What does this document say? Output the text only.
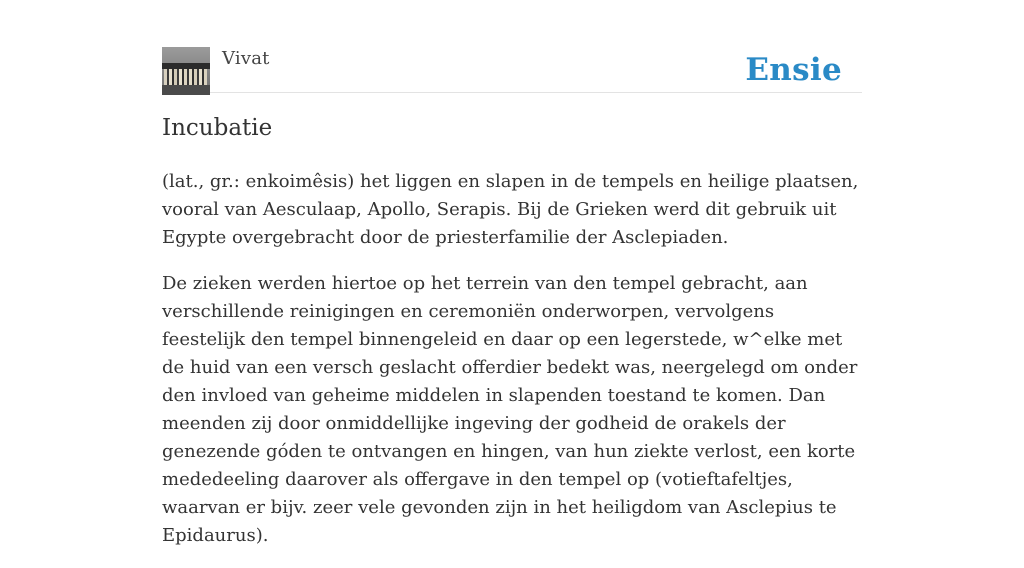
Vivat	Ensie
Incubatie

(lat., gr.: enkoimêsis) het liggen en slapen in de tempels en heilige plaatsen, vooral van Aesculaap, Apollo, Serapis. Bij de Grieken werd dit gebruik uit Egypte overgebracht door de priesterfamilie der Asclepiaden.

De zieken werden hiertoe op het terrein van den tempel gebracht, aan verschillende reinigingen en ceremoniën onderworpen, vervolgens feestelijk den tempel binnengeleid en daar op een legerstede, w^elke met de huid van een versch geslacht offerdier bedekt was, neergelegd om onder den invloed van geheime middelen in slapenden toestand te komen. Dan meenden zij door onmiddellijke ingeving der godheid de orakels der genezende góden te ontvangen en hingen, van hun ziekte verlost, een korte mededeeling daarover als offergave in den tempel op (votieftafeltjes, waarvan er bijv. zeer vele gevonden zijn in het heiligdom van Asclepius te Epidaurus).
